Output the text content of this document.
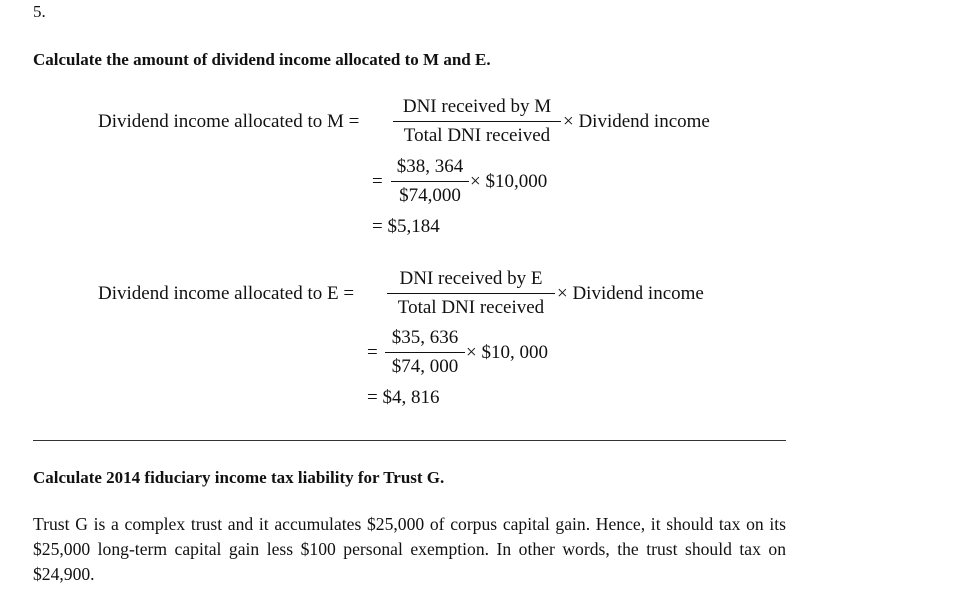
5.
Calculate the amount of dividend income allocated to M and E.
Dividend income allocated to M =
DNI received by M
Total DNI received
× Dividend income
= $\frac{\$38, 364}{\$74,000}$ × $10,000
= $5,184
Dividend income allocated to E =
DNI received by E
Total DNI received
× Dividend income
= $\frac{\$35, 636}{\$74, 000}$ × $10, 000
= $4, 816
Calculate 2014 fiduciary income tax liability for Trust G.
Trust G is a complex trust and it accumulates $25,000 of corpus capital gain. Hence, it should tax on its $25,000 long-term capital gain less $100 personal exemption. In other words, the trust should tax on $24,900.
